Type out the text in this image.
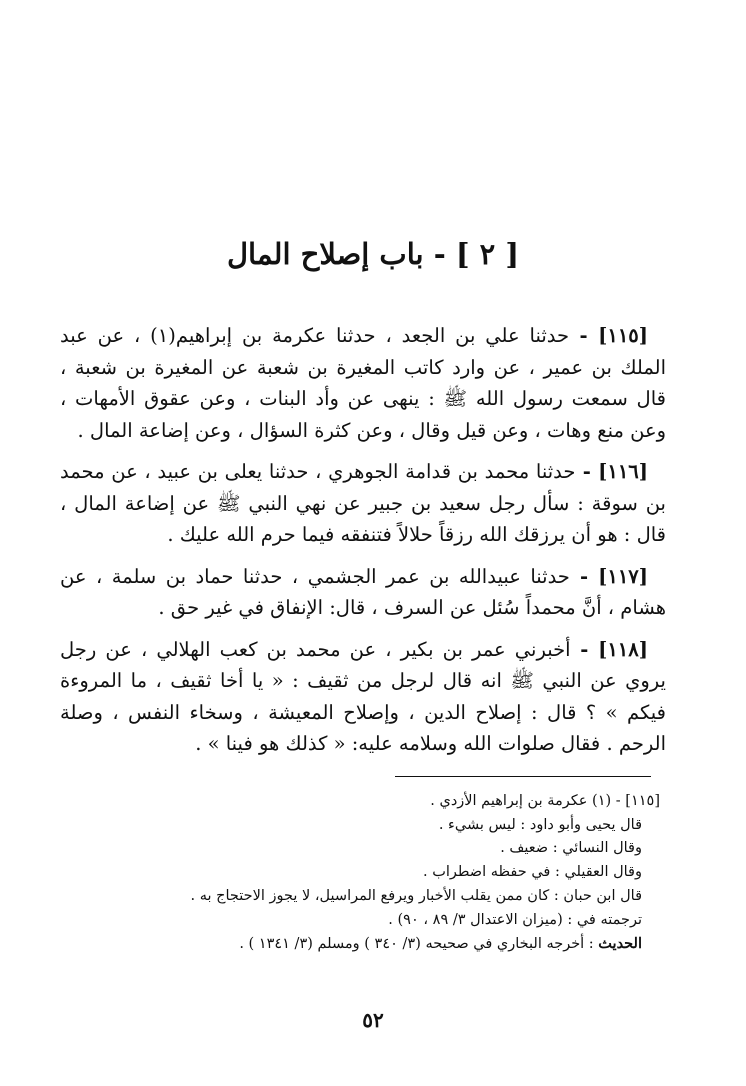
[ ٢ ] - باب إصلاح المال

[١١٥] - حدثنا علي بن الجعد ، حدثنا عكرمة بن إبراهيم(١) ، عن عبد الملك بن عمير ، عن وارد كاتب المغيرة بن شعبة عن المغيرة بن شعبة ، قال سمعت رسول الله ﷺ : ينهى عن وأد البنات ، وعن عقوق الأمهات ، وعن منع وهات ، وعن قيل وقال ، وعن كثرة السؤال ، وعن إضاعة المال .

[١١٦] - حدثنا محمد بن قدامة الجوهري ، حدثنا يعلى بن عبيد ، عن محمد بن سوقة : سأل رجل سعيد بن جبير عن نهي النبي ﷺ عن إضاعة المال ، قال : هو أن يرزقك الله رزقاً حلالاً فتنفقه فيما حرم الله عليك .

[١١٧] - حدثنا عبيدالله بن عمر الجشمي ، حدثنا حماد بن سلمة ، عن هشام ، أنَّ محمداً سُئل عن السرف ، قال: الإنفاق في غير حق .

[١١٨] - أخبرني عمر بن بكير ، عن محمد بن كعب الهلالي ، عن رجل يروي عن النبي ﷺ انه قال لرجل من ثقيف : « يا أخا ثقيف ، ما المروءة فيكم » ؟ قال : إصلاح الدين ، وإصلاح المعيشة ، وسخاء النفس ، وصلة الرحم . فقال صلوات الله وسلامه عليه: « كذلك هو فينا » .

[١١٥] - (١) عكرمة بن إبراهيم الأزدي .
قال يحيى وأبو داود : ليس بشيء .
وقال النسائي : ضعيف .
وقال العقيلي : في حفظه اضطراب .
قال ابن حبان : كان ممن يقلب الأخبار ويرفع المراسيل، لا يجوز الاحتجاج به .
ترجمته في : (ميزان الاعتدال ٣/ ٨٩ ، ٩٠) .
الحديث : أخرجه البخاري في صحيحه (٣/ ٣٤٠ ) ومسلم (٣/ ١٣٤١ ) .
٥٢
